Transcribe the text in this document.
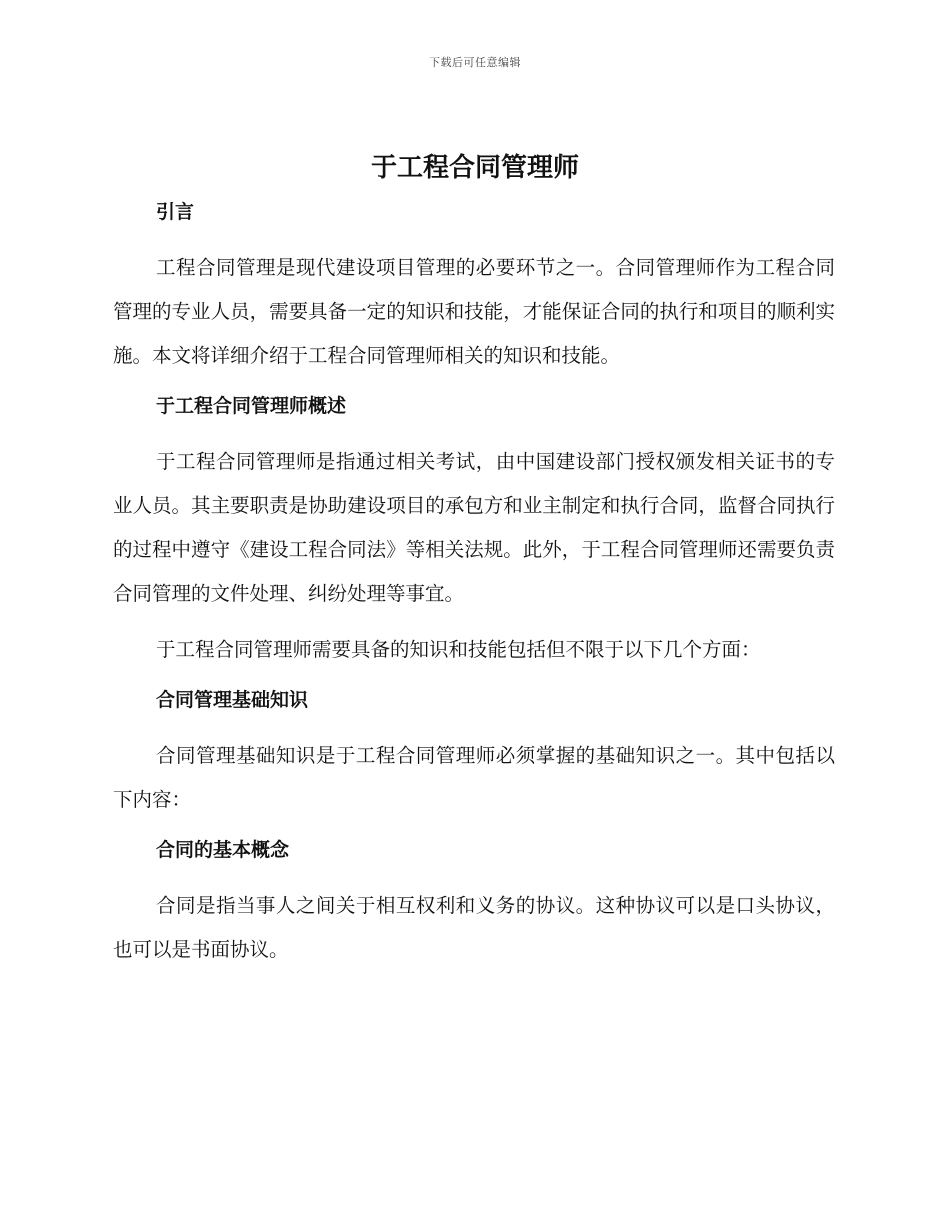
下载后可任意编辑
于工程合同管理师

引言

工程合同管理是现代建设项目管理的必要环节之一。合同管理师作为工程合同管理的专业人员，需要具备一定的知识和技能，才能保证合同的执行和项目的顺利实施。本文将详细介绍于工程合同管理师相关的知识和技能。

于工程合同管理师概述

于工程合同管理师是指通过相关考试，由中国建设部门授权颁发相关证书的专业人员。其主要职责是协助建设项目的承包方和业主制定和执行合同，监督合同执行的过程中遵守《建设工程合同法》等相关法规。此外，于工程合同管理师还需要负责合同管理的文件处理、纠纷处理等事宜。

于工程合同管理师需要具备的知识和技能包括但不限于以下几个方面：

合同管理基础知识

合同管理基础知识是于工程合同管理师必须掌握的基础知识之一。其中包括以下内容：

合同的基本概念

合同是指当事人之间关于相互权利和义务的协议。这种协议可以是口头协议，也可以是书面协议。
